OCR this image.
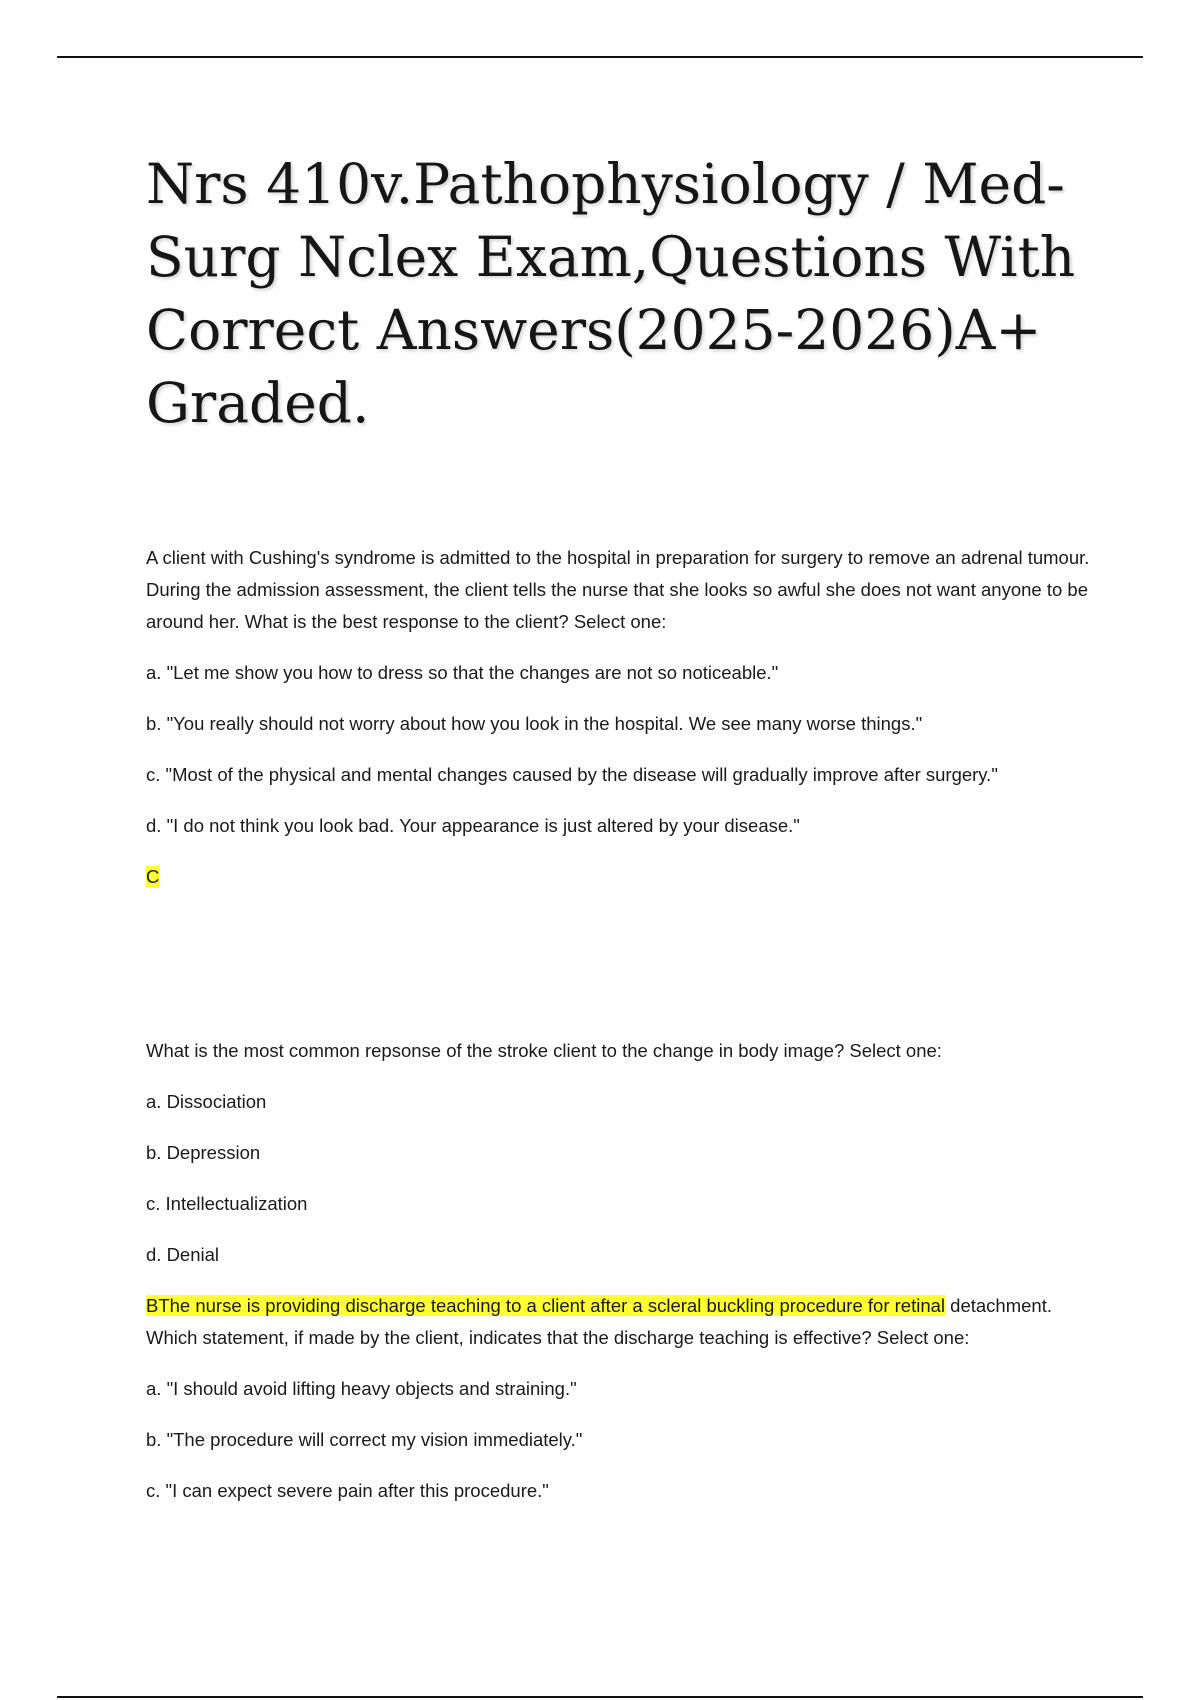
Nrs 410v.Pathophysiology / Med-Surg Nclex Exam,Questions With Correct Answers(2025-2026)A+ Graded.

A client with Cushing's syndrome is admitted to the hospital in preparation for surgery to remove an adrenal tumour. During the admission assessment, the client tells the nurse that she looks so awful she does not want anyone to be around her. What is the best response to the client? Select one:

a. "Let me show you how to dress so that the changes are not so noticeable."

b. "You really should not worry about how you look in the hospital. We see many worse things."

c. "Most of the physical and mental changes caused by the disease will gradually improve after surgery."

d. "I do not think you look bad. Your appearance is just altered by your disease."

C

What is the most common repsonse of the stroke client to the change in body image? Select one:

a. Dissociation

b. Depression

c. Intellectualization

d. Denial

BThe nurse is providing discharge teaching to a client after a scleral buckling procedure for retinal detachment. Which statement, if made by the client, indicates that the discharge teaching is effective? Select one:

a. "I should avoid lifting heavy objects and straining."

b. "The procedure will correct my vision immediately."

c. "I can expect severe pain after this procedure."
